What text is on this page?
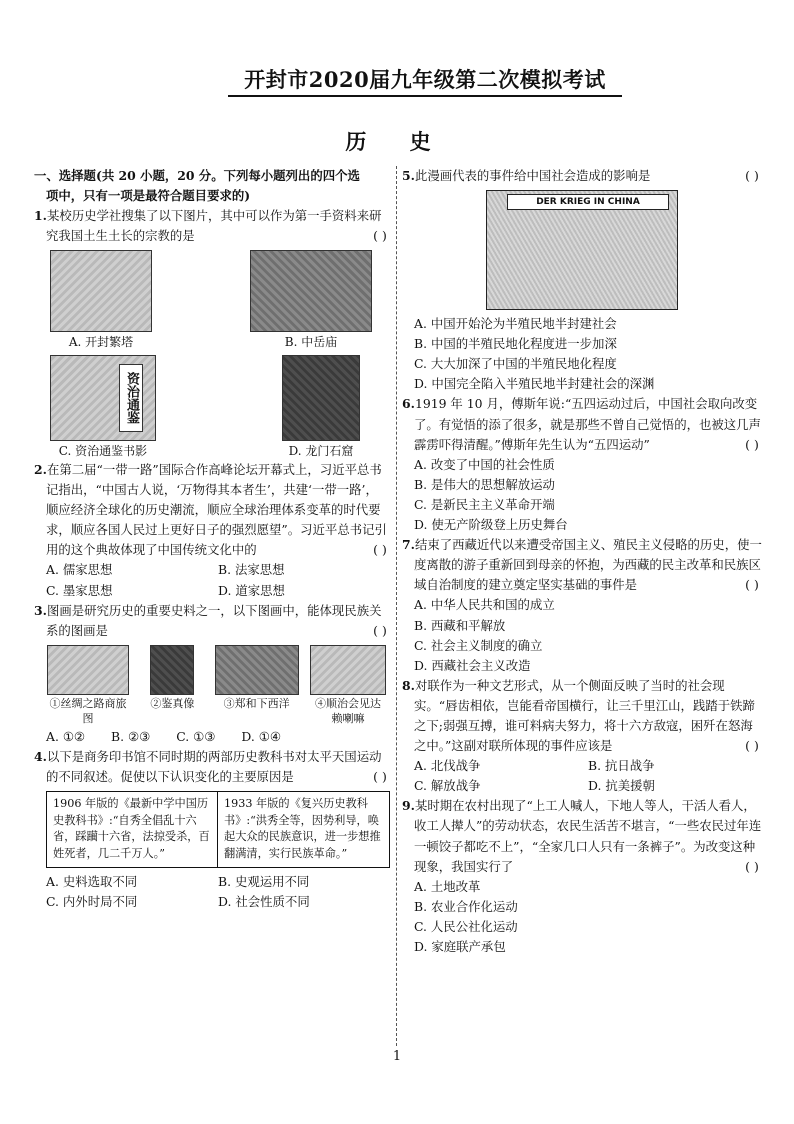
开封市2020届九年级第二次模拟考试
历 史
一、选择题(共 20 小题，20 分。下列每小题列出的四个选
项中，只有一项是最符合题目要求的)
1.某校历史学社搜集了以下图片，其中可以作为第一手资料来研究我国土生土长的宗教的是	( )
A. 开封繁塔	B. 中岳庙
资治通鉴
C. 资治通鉴书影	D. 龙门石窟
2.在第二届“一带一路”国际合作高峰论坛开幕式上，习近平总书记指出，“中国古人说，‘万物得其本者生’，共建‘一带一路’，顺应经济全球化的历史潮流，顺应全球治理体系变革的时代要求，顺应各国人民过上更好日子的强烈愿望”。习近平总书记引用的这个典故体现了中国传统文化中的	( )
A. 儒家思想	B. 法家思想
C. 墨家思想	D. 道家思想
3.图画是研究历史的重要史料之一，以下图画中，能体现民族关系的图画是	( )
①丝绸之路商旅图
②鉴真像	③郑和下西洋	④顺治会见达赖喇嘛
A. ①② B. ②③ C. ①③ D. ①④
4.以下是商务印书馆不同时期的两部历史教科书对太平天国运动的不同叙述。促使以下认识变化的主要原因是	( )
1906 年版的《最新中学中国历史教科书》:“自秀全倡乱十六省，踩躏十六省，法掠受杀，百姓死者，几二千万人。”
1933 年版的《复兴历史教科书》:“洪秀全等，因势利导，唤起大众的民族意识，进一步想推翻满清，实行民族革命。”
A. 史料选取不同	B. 史观运用不同
C. 内外时局不同	D. 社会性质不同
5.此漫画代表的事件给中国社会造成的影响是	( )
DER KRIEG IN CHINA
A. 中国开始沦为半殖民地半封建社会
B. 中国的半殖民地化程度进一步加深
C. 大大加深了中国的半殖民地化程度
D. 中国完全陷入半殖民地半封建社会的深渊
6.1919 年 10 月，傅斯年说:“五四运动过后，中国社会取向改变了。有觉悟的添了很多，就是那些不曾自己觉悟的，也被这几声霹雳吓得清醒。”傅斯年先生认为“五四运动”	( )
A. 改变了中国的社会性质
B. 是伟大的思想解放运动
C. 是新民主主义革命开端
D. 使无产阶级登上历史舞台
7.结束了西藏近代以来遭受帝国主义、殖民主义侵略的历史，使一度离散的游子重新回到母亲的怀抱，为西藏的民主改革和民族区域自治制度的建立奠定坚实基础的事件是	( )
A. 中华人民共和国的成立
B. 西藏和平解放
C. 社会主义制度的确立
D. 西藏社会主义改造
8.对联作为一种文艺形式，从一个侧面反映了当时的社会现实。“唇齿相依，岂能看帝国横行，让三千里江山，践踏于铁蹄之下;弱强互搏，谁可料病夫努力，将十六方敌寇，困歼在怒海之中。”这副对联所体现的事件应该是	( )
A. 北伐战争	B. 抗日战争
C. 解放战争	D. 抗美援朝
9.某时期在农村出现了“上工人喊人，下地人等人，干活人看人，收工人撵人”的劳动状态，农民生活苦不堪言，“一些农民过年连一顿饺子都吃不上”，“全家几口人只有一条裤子”。为改变这种现象，我国实行了	( )
A. 土地改革
B. 农业合作化运动
C. 人民公社化运动
D. 家庭联产承包
1
